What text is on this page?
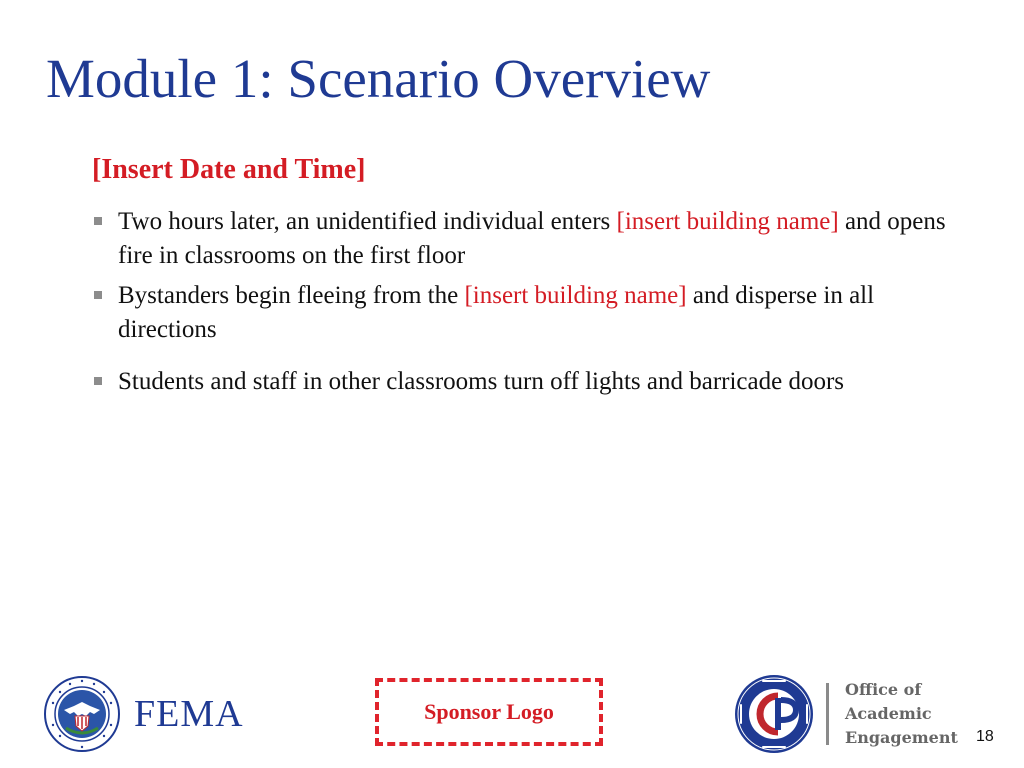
Module 1: Scenario Overview
[Insert Date and Time]
Two hours later, an unidentified individual enters [insert building name] and opens fire in classrooms on the first floor
Bystanders begin fleeing from the [insert building name] and disperse in all directions
Students and staff in other classrooms turn off lights and barricade doors
FEMA	Sponsor Logo
Office of
Academic
Engagement 18
